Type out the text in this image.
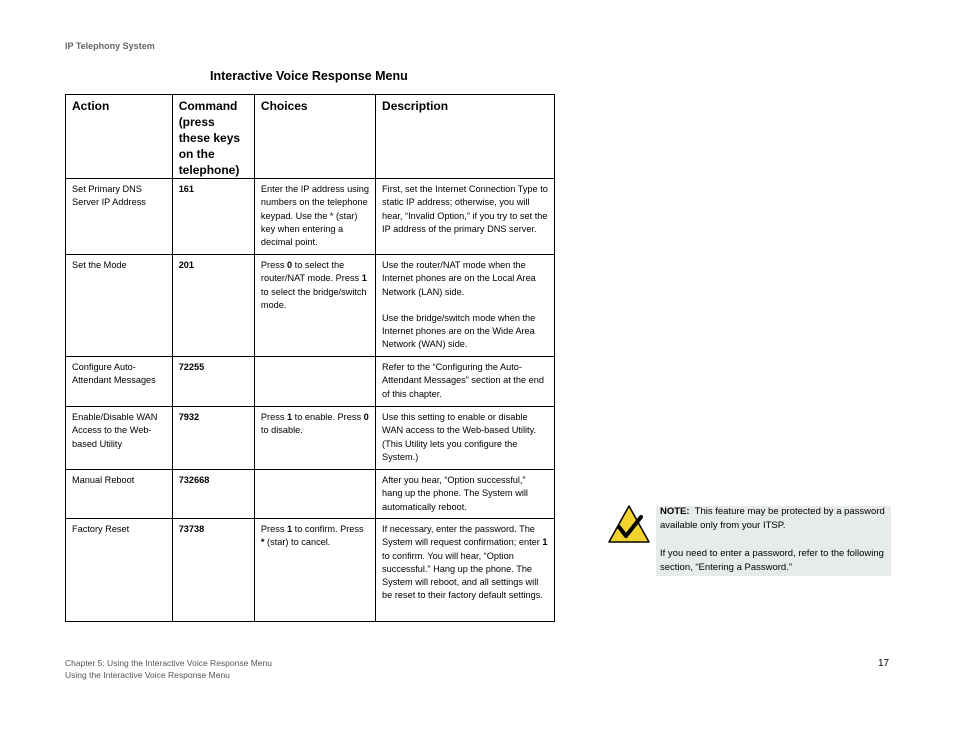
IP Telephony System
Interactive Voice Response Menu
Action	Command (press these keys on the telephone)	Choices	Description
Set Primary DNS Server IP Address	161	Enter the IP address using numbers on the telephone keypad. Use the * (star) key when entering a decimal point.	First, set the Internet Connection Type to static IP address; otherwise, you will hear, “Invalid Option,” if you try to set the IP address of the primary DNS server.

Set the Mode	201	Press 0 to select the router/NAT mode. Press 1 to select the bridge/switch mode.	Use the router/NAT mode when the Internet phones are on the Local Area Network (LAN) side.
Use the bridge/switch mode when the Internet phones are on the Wide Area Network (WAN) side.

Configure Auto-Attendant Messages	72255		Refer to the “Configuring the Auto-Attendant Messages” section at the end of this chapter.

Enable/Disable WAN Access to the Web-based Utility	7932	Press 1 to enable. Press 0 to disable.	Use this setting to enable or disable WAN access to the Web-based Utility. (This Utility lets you configure the System.)

Manual Reboot	732668		After you hear, “Option successful,” hang up the phone. The System will automatically reboot.

Factory Reset	73738	Press 1 to confirm. Press * (star) to cancel.	If necessary, enter the password. The System will request confirmation; enter 1 to confirm. You will hear, “Option successful.” Hang up the phone. The System will reboot, and all settings will be reset to their factory default settings.
NOTE: This feature may be protected by a password available only from your ITSP.
If you need to enter a password, refer to the following section, “Entering a Password.”
Chapter 5: Using the Interactive Voice Response Menu
Using the Interactive Voice Response Menu
17
